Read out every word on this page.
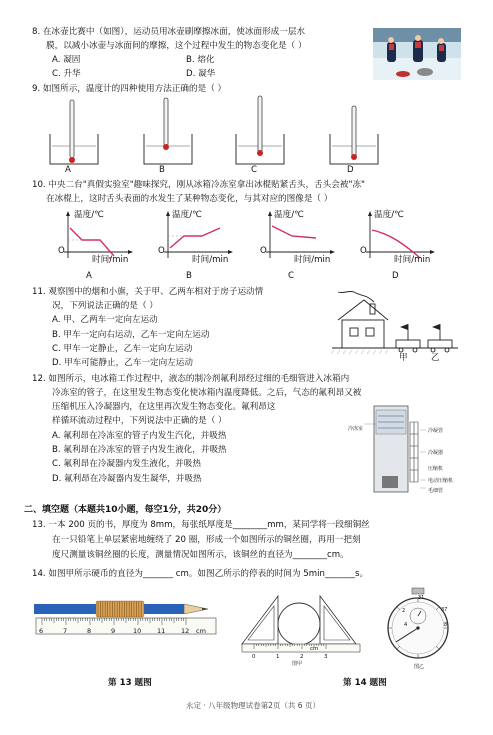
8. 在冰壶比赛中（如图），运动员用冰壶刷摩擦冰面，使冰面形成一层水
膜，以减小冰壶与冰面间的摩擦，这个过程中发生的物态变化是（ ）
A. 凝固	B. 熔化
C. 升华	D. 凝华
9. 如图所示，温度计的四种使用方法正确的是（ ）
A	B	C	D
10. 中央二台"真假实验室"趣味探究，刚从冰箱冷冻室拿出冰棍贴紧舌头，舌头会被"冻"
在冰棍上，这时舌头表面的水发生了某种物态变化，与其对应的图像是（ ）
温度/℃	温度/℃	温度/℃	温度/℃
O	O	O	O
时间/min	时间/min	时间/min	时间/min
A	B	C	D
11. 观察图中的烟和小旗，关于甲、乙两车相对于房子运动情
况，下列说法正确的是（ ）
A. 甲、乙两车一定向左运动
B. 甲车一定向右运动，乙车一定向左运动
C. 甲车一定静止，乙车一定向左运动
D. 甲车可能静止，乙车一定向左运动	甲	乙
12. 如图所示，电冰箱工作过程中，液态的制冷剂氟利昂经过细的毛细管进入冰箱内
冷冻室的管子，在这里发生物态变化使冰箱内温度降低。之后，气态的氟利昂又被
压缩机压入冷凝器内，在这里再次发生物态变化。氟利昂这
样循环流动过程中，下列说法中正确的是（ ）
A. 氟利昂在冷冻室的管子内发生汽化，并吸热
B. 氟利昂在冷冻室的管子内发生液化，并吸热
C. 氟利昂在冷凝器内发生液化，并吸热
D. 氟利昂在冷凝器内发生凝华，并吸热
冷冻室	冷凝管
冷凝器
压缩机
电动压缩机
毛细管
二、填空题（本题共10小题，每空1分，共20分）
13. 一本 200 页的书，厚度为 8mm，每张纸厚度是________mm，某同学将一段细铜丝
在一只铅笔上单层紧密地缠绕了 20 圈，形成一个如图所示的铜丝圈，再用一把刻
度尺测量该铜丝圈的长度，测量情况如图所示，该铜丝的直径为________cm。
14. 如图甲所示硬币的直径为_______ cm。如图乙所示的停表的时间为 5min_______s。
6	7	8	9	10 11 12 cm
0	1	2	3
cm
图甲
31
2
4
37
8
图乙
第 13 题图	第 14 题图
永定 · 八年级物理试卷第2页（共 6 页）
